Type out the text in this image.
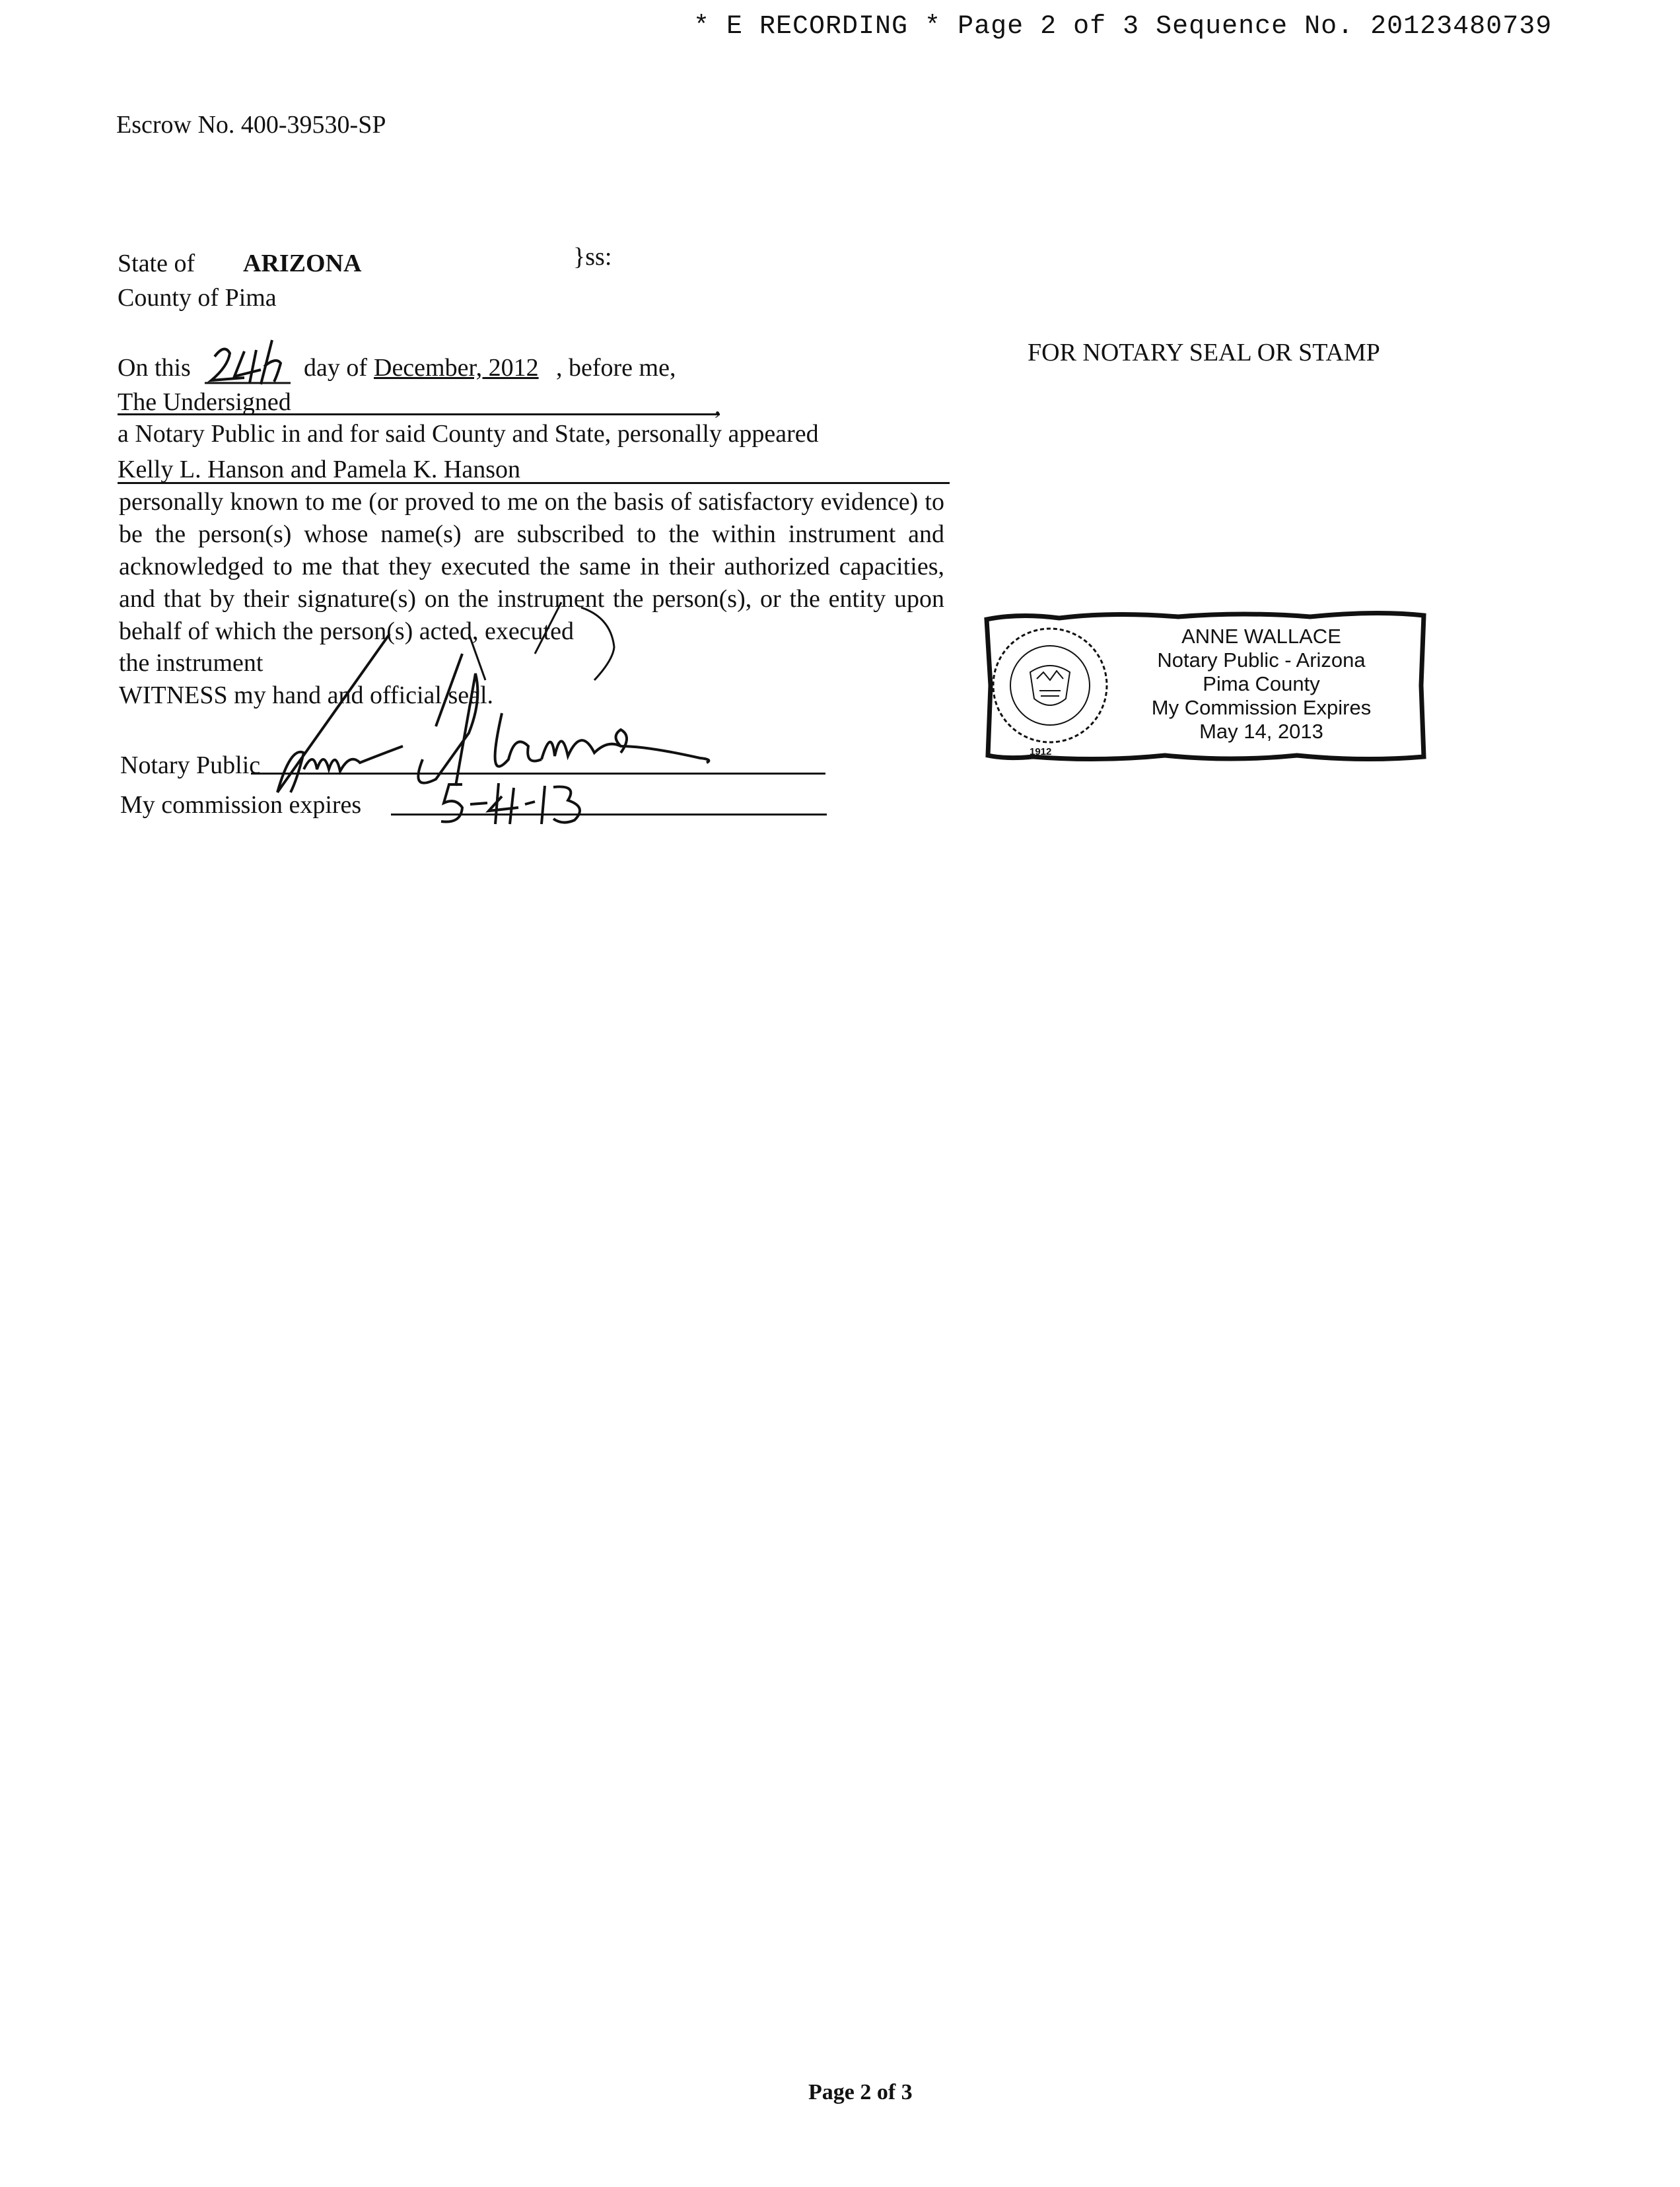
* E RECORDING * Page 2 of 3 Sequence No. 20123480739
Escrow No. 400-39530-SP
State of ARIZONA	}ss:
County of Pima
On this	day of December, 2012 , before me,
The Undersigned	,
a Notary Public in and for said County and State, personally appeared
Kelly L. Hanson and Pamela K. Hanson
personally known to me (or proved to me on the basis of satisfactory evidence) to be the person(s) whose name(s) are subscribed to the within instrument and acknowledged to me that they executed the same in their authorized capacities, and that by their signature(s) on the instrument the person(s), or the entity upon behalf of which the person(s) acted, executed
the instrument
WITNESS my hand and official seal.
Notary Public
My commission expires
FOR NOTARY SEAL OR STAMP
1912
ANNE WALLACE
Notary Public - Arizona
Pima County
My Commission Expires
May 14, 2013
Page 2 of 3
